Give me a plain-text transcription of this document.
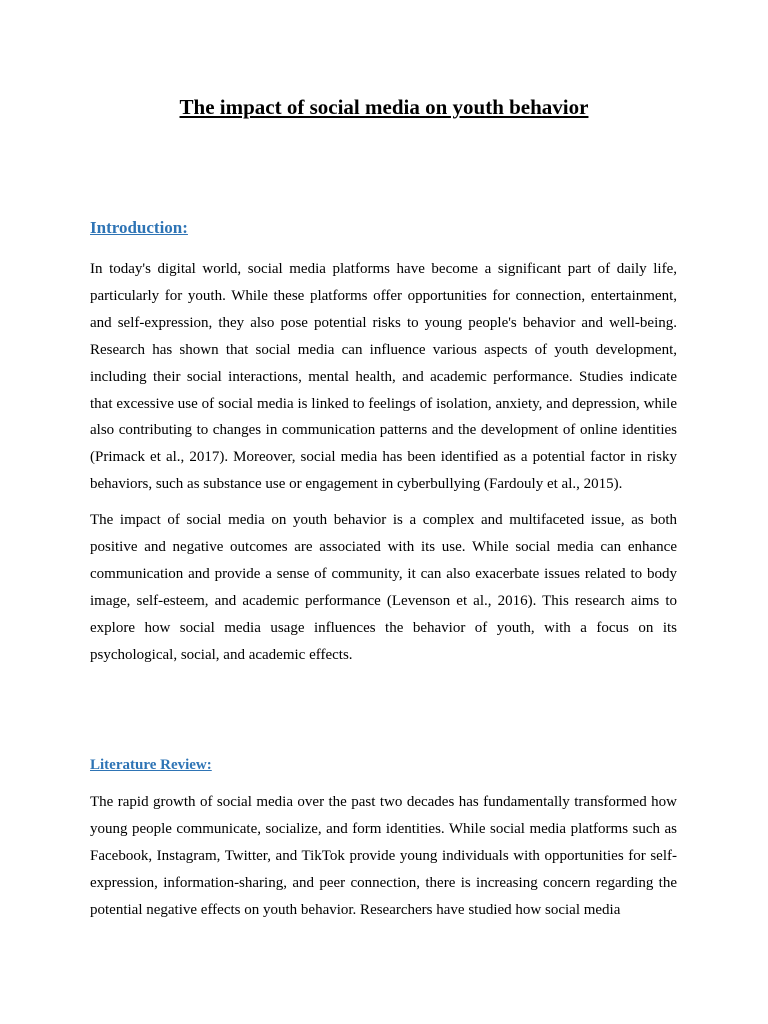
The impact of social media on youth behavior
Introduction:

In today's digital world, social media platforms have become a significant part of daily life, particularly for youth. While these platforms offer opportunities for connection, entertainment, and self-expression, they also pose potential risks to young people's behavior and well-being. Research has shown that social media can influence various aspects of youth development, including their social interactions, mental health, and academic performance. Studies indicate that excessive use of social media is linked to feelings of isolation, anxiety, and depression, while also contributing to changes in communication patterns and the development of online identities (Primack et al., 2017). Moreover, social media has been identified as a potential factor in risky behaviors, such as substance use or engagement in cyberbullying (Fardouly et al., 2015).

The impact of social media on youth behavior is a complex and multifaceted issue, as both positive and negative outcomes are associated with its use. While social media can enhance communication and provide a sense of community, it can also exacerbate issues related to body image, self-esteem, and academic performance (Levenson et al., 2016). This research aims to explore how social media usage influences the behavior of youth, with a focus on its psychological, social, and academic effects.

Literature Review:

The rapid growth of social media over the past two decades has fundamentally transformed how young people communicate, socialize, and form identities. While social media platforms such as Facebook, Instagram, Twitter, and TikTok provide young individuals with opportunities for self-expression, information-sharing, and peer connection, there is increasing concern regarding the potential negative effects on youth behavior. Researchers have studied how social media
